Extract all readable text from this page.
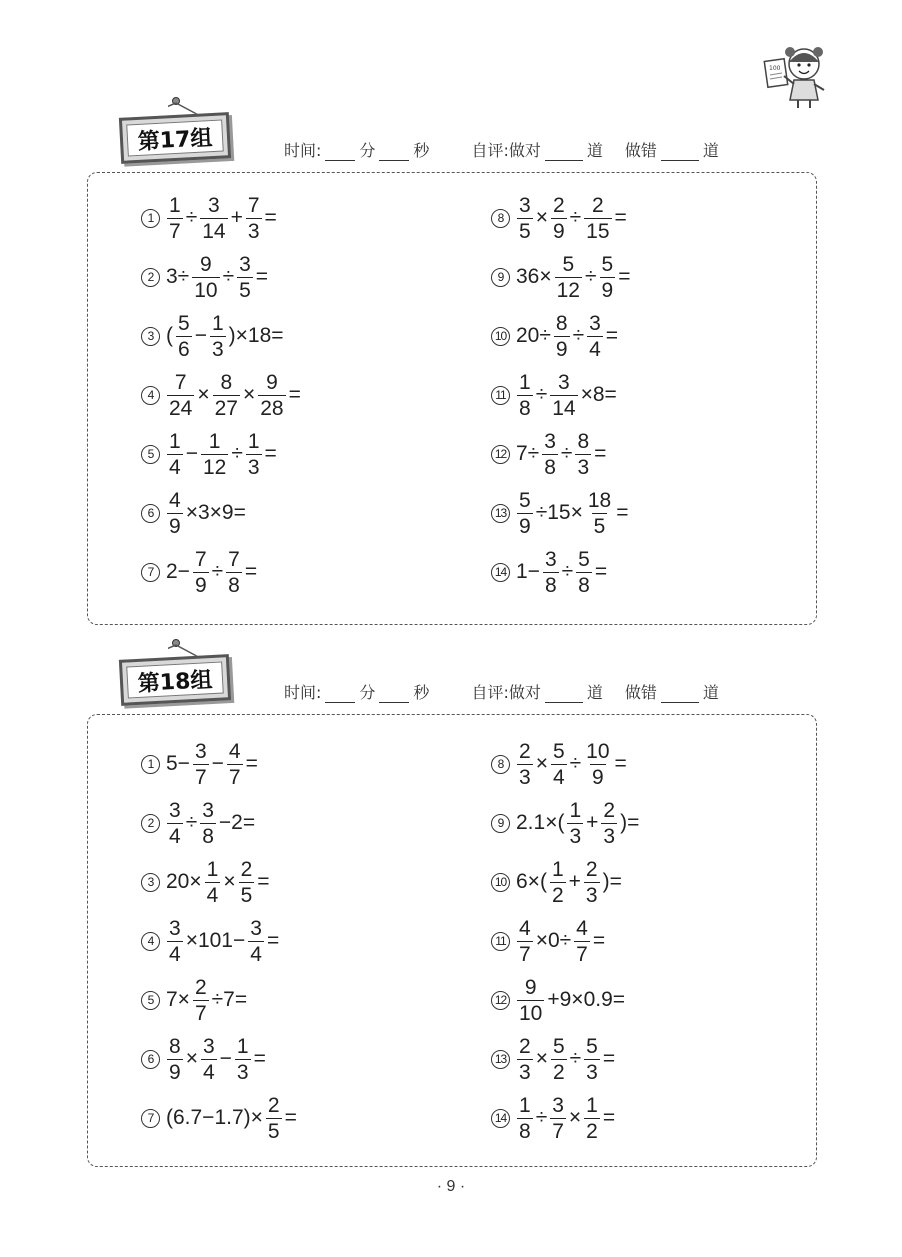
100
第17组	时间: 分 秒	自评:做对	道 做错	道
$1 \frac{1}{7} \div \frac{3}{14} + \frac{7}{3}$ =
2 $3\div \frac{9}{10} \div \frac{3}{5}$ =
3 ( $\frac{5}{6} - \frac{1}{3} )\times 18=$
$4 \frac{7}{24} \times \frac{8}{27} \times \frac{9}{28}$ =
$5 \frac{1}{4} - \frac{1}{12} \div \frac{1}{3}$ =
$6 \frac{4}{9} \times 3\times 9=$
7 $2- \frac{7}{9} \div \frac{7}{8}$ =
$8 \frac{3}{5} \times \frac{2}{9} \div \frac{2}{15}$ =
9 $36\times \frac{5}{12} \div \frac{5}{9}$ =
10 $20\div \frac{8}{9} \div \frac{3}{4}$ =
$11 \frac{1}{8} \div \frac{3}{14} \times 8=$
12 $7\div \frac{3}{8} \div \frac{8}{3}$ =
$13 \frac{5}{9} \div 15\times \frac{18}{5}$ =
14 $1- \frac{3}{8} \div \frac{5}{8}$ =
第18组	时间: 分 秒	自评:做对	道 做错	道
1 $5- \frac{3}{7} - \frac{4}{7}$ =
$2 \frac{3}{4} \div \frac{3}{8} -2=$
3 $20\times \frac{1}{4} \times \frac{2}{5}$ =
$4 \frac{3}{4} \times 101- \frac{3}{4}$ =
5 $7\times \frac{2}{7} \div 7=$
$6 \frac{8}{9} \times \frac{3}{4} - \frac{1}{3}$ =
7 $(6.7-1.7)\times \frac{2}{5}$ =
$8 \frac{2}{3} \times \frac{5}{4} \div \frac{10}{9}$ =
9 $2.1\times( \frac{1}{3} + \frac{2}{3}$ )=
10 $6\times( \frac{1}{2} + \frac{2}{3}$ )=
$11 \frac{4}{7} \times 0\div \frac{4}{7}$ =
$12 \frac{9}{10} +9\times 0.9=$
$13 \frac{2}{3} \times \frac{5}{2} \div \frac{5}{3}$ =
$14 \frac{1}{8} \div \frac{3}{7} \times \frac{1}{2}$ =
· 9 ·
